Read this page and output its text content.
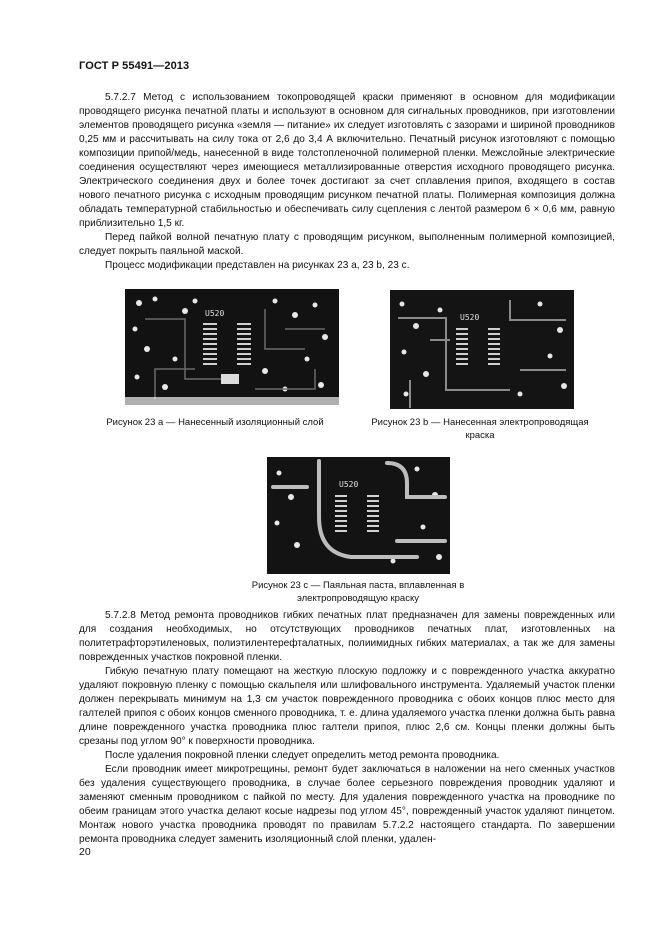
ГОСТ Р 55491—2013

5.7.2.7 Метод с использованием токопроводящей краски применяют в основном для модификации проводящего рисунка печатной платы и используют в основном для сигнальных проводников, при изготовлении элементов проводящего рисунка «земля — питание» их следует изготовлять с зазорами и шириной проводников 0,25 мм и рассчитывать на силу тока от 2,6 до 3,4 А включительно. Печатный рисунок изготовляют с помощью композиции припой/медь, нанесенной в виде толстопленочной полимерной пленки. Межслойные электрические соединения осуществляют через имеющиеся металлизированные отверстия исходного проводящего рисунка. Электрического соединения двух и более точек достигают за счет сплавления припоя, входящего в состав нового печатного рисунка с исходным проводящим рисунком печатной платы. Полимерная композиция должна обладать температурной стабильностью и обеспечивать силу сцепления с лентой размером 6 × 0,6 мм, равную приблизительно 1,5 кг.

Перед пайкой волной печатную плату с проводящим рисунком, выполненным полимерной композицией, следует покрыть паяльной маской.

Процесс модификации представлен на рисунках 23 a, 23 b, 23 c.

U520
Рисунок 23 а — Нанесенный изоляционный слой
U520
Рисунок 23 b — Нанесенная электропроводящая
краска
U520
Рисунок 23 с — Паяльная паста, вплавленная в
электропроводящую краску

5.7.2.8 Метод ремонта проводников гибких печатных плат предназначен для замены поврежденных или для создания необходимых, но отсутствующих проводников печатных плат, изготовленных на политетрафторэтиленовых, полиэтилентерефталатных, полиимидных гибких материалах, а так же для замены поврежденных участков покровной пленки.

Гибкую печатную плату помещают на жесткую плоскую подложку и с поврежденного участка аккуратно удаляют покровную пленку с помощью скальпеля или шлифовального инструмента. Удаляемый участок пленки должен перекрывать минимум на 1,3 см участок поврежденного проводника с обоих концов плюс место для галтелей припоя с обоих концов сменного проводника, т. е. длина удаляемого участка пленки должна быть равна длине поврежденного участка проводника плюс галтели припоя, плюс 2,6 см. Концы пленки должны быть срезаны под углом 90° к поверхности проводника.

После удаления покровной пленки следует определить метод ремонта проводника.

Если проводник имеет микротрещины, ремонт будет заключаться в наложении на него сменных участков без удаления существующего проводника, в случае более серьезного повреждения проводник удаляют и заменяют сменным проводником с пайкой по месту. Для удаления поврежденного участка на проводнике по обеим границам этого участка делают косые надрезы под углом 45°, поврежденный участок удаляют пинцетом. Монтаж нового участка проводника проводят по правилам 5.7.2.2 настоящего стандарта. По завершении ремонта проводника следует заменить изоляционный слой пленки, удален-

20
